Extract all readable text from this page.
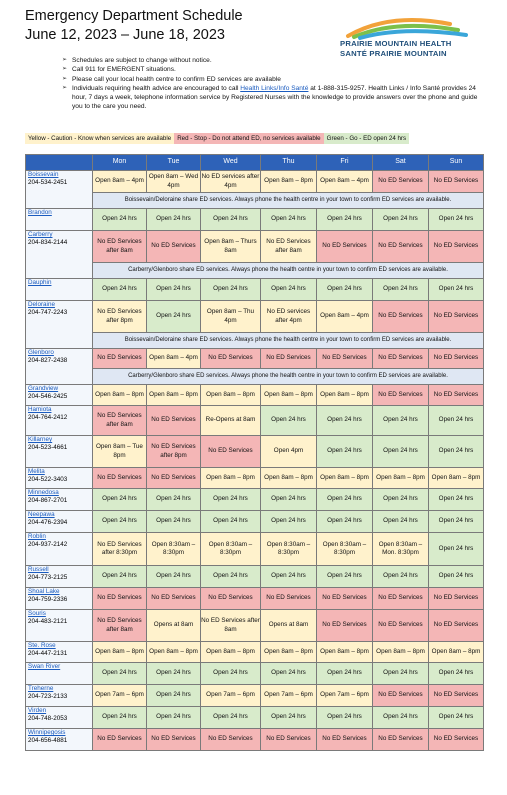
Emergency Department Schedule
June 12, 2023 – June 18, 2023
PRAIRIE MOUNTAIN HEALTH
SANTÉ PRAIRIE MOUNTAIN
➢ Schedules are subject to change without notice.
➢ Call 911 for EMERGENT situations.
➢ Please call your local health centre to confirm ED services are available
➢ Individuals requiring health advice are encouraged to call Health Links/Info Santé at 1-888-315-9257. Health Links / Info Santé provides 24 hour, 7 days a week, telephone information service by Registered Nurses with the knowledge to provide answers over the phone and guide you to the care you need.
Yellow - Caution - Know when services are available Red - Stop - Do not attend ED, no services available Green - Go - ED open 24 hrs
	Mon	Tue	Wed	Thu	Fri	Sat	Sun

Boissevain
204-534-2451	Open 8am – 4pm	Open 8am – Wed 4pm	No ED services after 4pm	Open 8am – 8pm	Open 8am – 4pm	No ED Services	No ED Services
	Boissevain/Deloraine share ED services. Always phone the health centre in your town to confirm ED services are available.						

Brandon	Open 24 hrs	Open 24 hrs	Open 24 hrs	Open 24 hrs	Open 24 hrs	Open 24 hrs	Open 24 hrs

Carberry
204-834-2144	No ED Services after 8am	No ED Services	Open 8am – Thurs 8am	No ED Services after 8am	No ED Services	No ED Services	No ED Services
	Carberry/Glenboro share ED services. Always phone the health centre in your town to confirm ED services are available.						

Dauphin	Open 24 hrs	Open 24 hrs	Open 24 hrs	Open 24 hrs	Open 24 hrs	Open 24 hrs	Open 24 hrs

Deloraine
204-747-2243	No ED Services after 8pm	Open 24 hrs	Open 8am – Thu 4pm	No ED services after 4pm	Open 8am – 4pm	No ED Services	No ED Services
	Boissevain/Deloraine share ED services. Always phone the health centre in your town to confirm ED services are available.						

Glenboro
204-827-2438	No ED Services	Open 8am – 4pm	No ED Services	No ED Services	No ED Services	No ED Services	No ED Services
	Carberry/Glenboro share ED services. Always phone the health centre in your town to confirm ED services are available.						

Grandview
204-546-2425	Open 8am – 8pm	Open 8am – 8pm	Open 8am – 8pm	Open 8am – 8pm	Open 8am – 8pm	No ED Services	No ED Services

Hamiota
204-764-2412	No ED Services after 8am	No ED Services	Re-Opens at 8am	Open 24 hrs	Open 24 hrs	Open 24 hrs	Open 24 hrs

Killarney
204-523-4661	Open 8am – Tue 8pm	No ED Services after 8pm	No ED Services	Open 4pm	Open 24 hrs	Open 24 hrs	Open 24 hrs

Melita
204-522-3403	No ED Services	No ED Services	Open 8am – 8pm	Open 8am – 8pm	Open 8am – 8pm	Open 8am – 8pm	Open 8am – 8pm

Minnedosa
204-867-2701	Open 24 hrs	Open 24 hrs	Open 24 hrs	Open 24 hrs	Open 24 hrs	Open 24 hrs	Open 24 hrs

Neepawa
204-476-2394	Open 24 hrs	Open 24 hrs	Open 24 hrs	Open 24 hrs	Open 24 hrs	Open 24 hrs	Open 24 hrs

Roblin
204-937-2142	No ED Services after 8:30pm	Open 8:30am – 8:30pm	Open 8:30am – 8:30pm	Open 8:30am – 8:30pm	Open 8:30am – 8:30pm	Open 8:30am – Mon. 8:30pm	Open 24 hrs

Russell
204-773-2125	Open 24 hrs	Open 24 hrs	Open 24 hrs	Open 24 hrs	Open 24 hrs	Open 24 hrs	Open 24 hrs

Shoal Lake
204-759-2336	No ED Services	No ED Services	No ED Services	No ED Services	No ED Services	No ED Services	No ED Services

Souris
204-483-2121	No ED Services after 8am	Opens at 8am	No ED Services after 8am	Opens at 8am	No ED Services	No ED Services	No ED Services

Ste. Rose
204-447-2131	Open 8am – 8pm	Open 8am – 8pm	Open 8am – 8pm	Open 8am – 8pm	Open 8am – 8pm	Open 8am – 8pm	Open 8am – 8pm

Swan River	Open 24 hrs	Open 24 hrs	Open 24 hrs	Open 24 hrs	Open 24 hrs	Open 24 hrs	Open 24 hrs

Treherne
204-723-2133	Open 7am – 6pm	Open 24 hrs	Open 7am – 6pm	Open 7am – 6pm	Open 7am – 6pm	No ED Services	No ED Services

Virden
204-748-2053	Open 24 hrs	Open 24 hrs	Open 24 hrs	Open 24 hrs	Open 24 hrs	Open 24 hrs	Open 24 hrs

Winnipegosis
204-656-4881	No ED Services	No ED Services	No ED Services	No ED Services	No ED Services	No ED Services	No ED Services
